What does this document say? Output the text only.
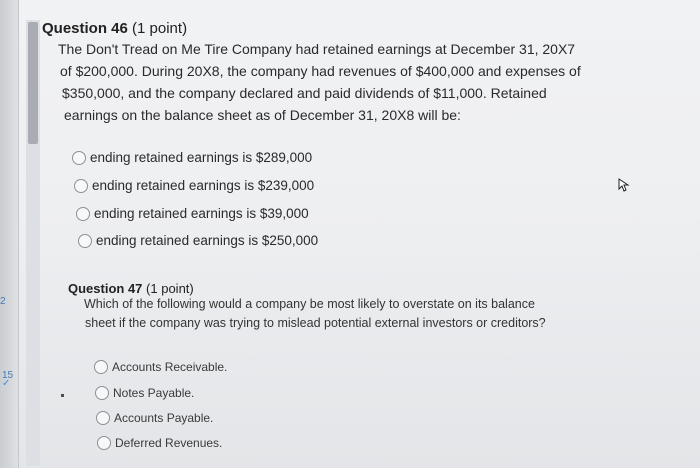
2
15
✓
Question 46 (1 point)

The Don't Tread on Me Tire Company had retained earnings at December 31, 20X7

of $200,000. During 20X8, the company had revenues of $400,000 and expenses of

$350,000, and the company declared and paid dividends of $11,000. Retained

earnings on the balance sheet as of December 31, 20X8 will be:

ending retained earnings is $289,000
ending retained earnings is $239,000
ending retained earnings is $39,000
ending retained earnings is $250,000
Question 47 (1 point)

Which of the following would a company be most likely to overstate on its balance

sheet if the company was trying to mislead potential external investors or creditors?

Accounts Receivable.
Notes Payable.
Accounts Payable.
Deferred Revenues.
